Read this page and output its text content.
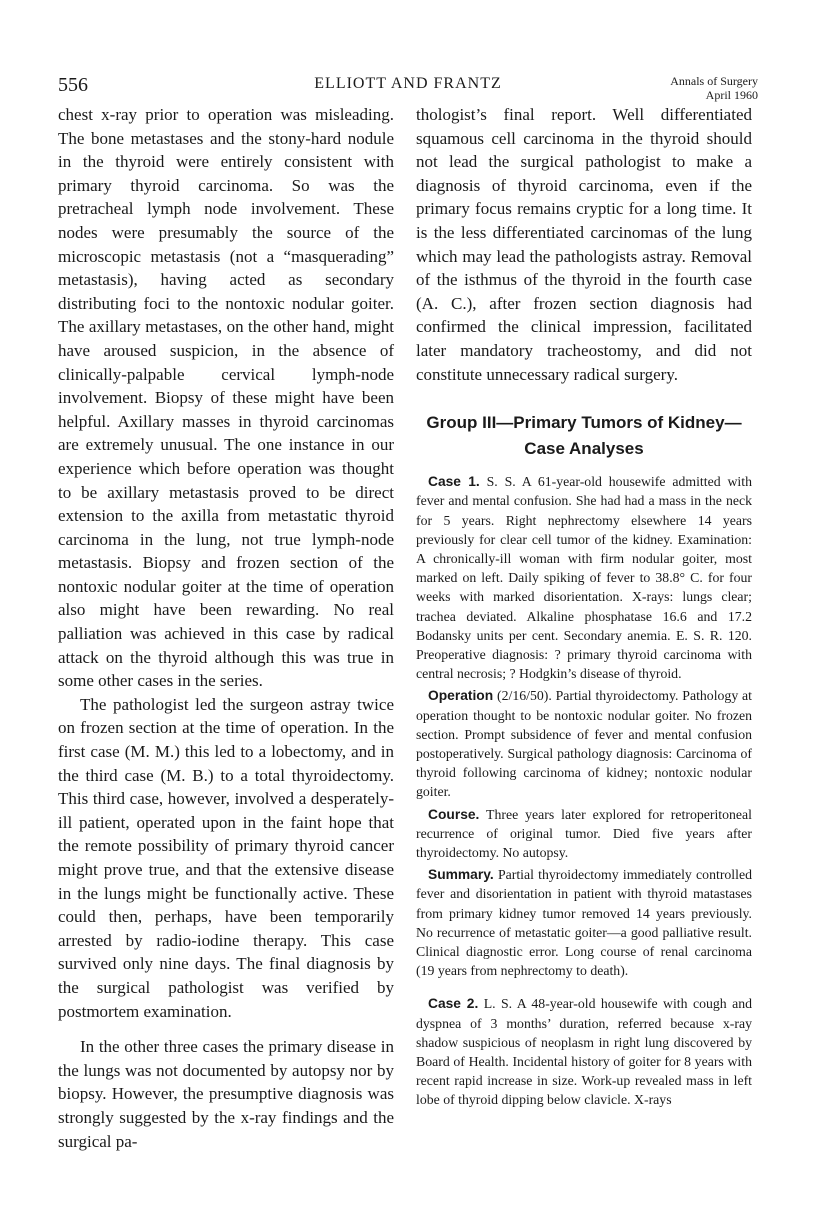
556	ELLIOTT AND FRANTZ	Annals of Surgery
April 1960

chest x-ray prior to operation was misleading. The bone metastases and the stony-hard nodule in the thyroid were entirely consistent with primary thyroid carcinoma. So was the pretracheal lymph node involvement. These nodes were presumably the source of the microscopic metastasis (not a “masquerading” metastasis), having acted as secondary distributing foci to the nontoxic nodular goiter. The axillary metastases, on the other hand, might have aroused suspicion, in the absence of clinically-palpable cervical lymph-node involvement. Biopsy of these might have been helpful. Axillary masses in thyroid carcinomas are extremely unusual. The one instance in our experience which before operation was thought to be axillary metastasis proved to be direct extension to the axilla from metastatic thyroid carcinoma in the lung, not true lymph-node metastasis. Biopsy and frozen section of the nontoxic nodular goiter at the time of operation also might have been rewarding. No real palliation was achieved in this case by radical attack on the thyroid although this was true in some other cases in the series.

The pathologist led the surgeon astray twice on frozen section at the time of operation. In the first case (M. M.) this led to a lobectomy, and in the third case (M. B.) to a total thyroidectomy. This third case, however, involved a desperately-ill patient, operated upon in the faint hope that the remote possibility of primary thyroid cancer might prove true, and that the extensive disease in the lungs might be functionally active. These could then, perhaps, have been temporarily arrested by radio-iodine therapy. This case survived only nine days. The final diagnosis by the surgical pathologist was verified by postmortem examination.

In the other three cases the primary disease in the lungs was not documented by autopsy nor by biopsy. However, the presumptive diagnosis was strongly suggested by the x-ray findings and the surgical pa-

thologist’s final report. Well differentiated squamous cell carcinoma in the thyroid should not lead the surgical pathologist to make a diagnosis of thyroid carcinoma, even if the primary focus remains cryptic for a long time. It is the less differentiated carcinomas of the lung which may lead the pathologists astray. Removal of the isthmus of the thyroid in the fourth case (A. C.), after frozen section diagnosis had confirmed the clinical impression, facilitated later mandatory tracheostomy, and did not constitute unnecessary radical surgery.

Group III—Primary Tumors of Kidney—
Case Analyses

Case 1. S. S. A 61-year-old housewife admitted with fever and mental confusion. She had had a mass in the neck for 5 years. Right nephrectomy elsewhere 14 years previously for clear cell tumor of the kidney. Examination: A chronically-ill woman with firm nodular goiter, most marked on left. Daily spiking of fever to 38.8° C. for four weeks with marked disorientation. X-rays: lungs clear; trachea deviated. Alkaline phosphatase 16.6 and 17.2 Bodansky units per cent. Secondary anemia. E. S. R. 120. Preoperative diagnosis: ? primary thyroid carcinoma with central necrosis; ? Hodgkin’s disease of thyroid.

Operation (2/16/50). Partial thyroidectomy. Pathology at operation thought to be nontoxic nodular goiter. No frozen section. Prompt subsidence of fever and mental confusion postoperatively. Surgical pathology diagnosis: Carcinoma of thyroid following carcinoma of kidney; nontoxic nodular goiter.

Course. Three years later explored for retroperitoneal recurrence of original tumor. Died five years after thyroidectomy. No autopsy.

Summary. Partial thyroidectomy immediately controlled fever and disorientation in patient with thyroid matastases from primary kidney tumor removed 14 years previously. No recurrence of metastatic goiter—a good palliative result. Clinical diagnostic error. Long course of renal carcinoma (19 years from nephrectomy to death).

Case 2. L. S. A 48-year-old housewife with cough and dyspnea of 3 months’ duration, referred because x-ray shadow suspicious of neoplasm in right lung discovered by Board of Health. Incidental history of goiter for 8 years with recent rapid increase in size. Work-up revealed mass in left lobe of thyroid dipping below clavicle. X-rays
